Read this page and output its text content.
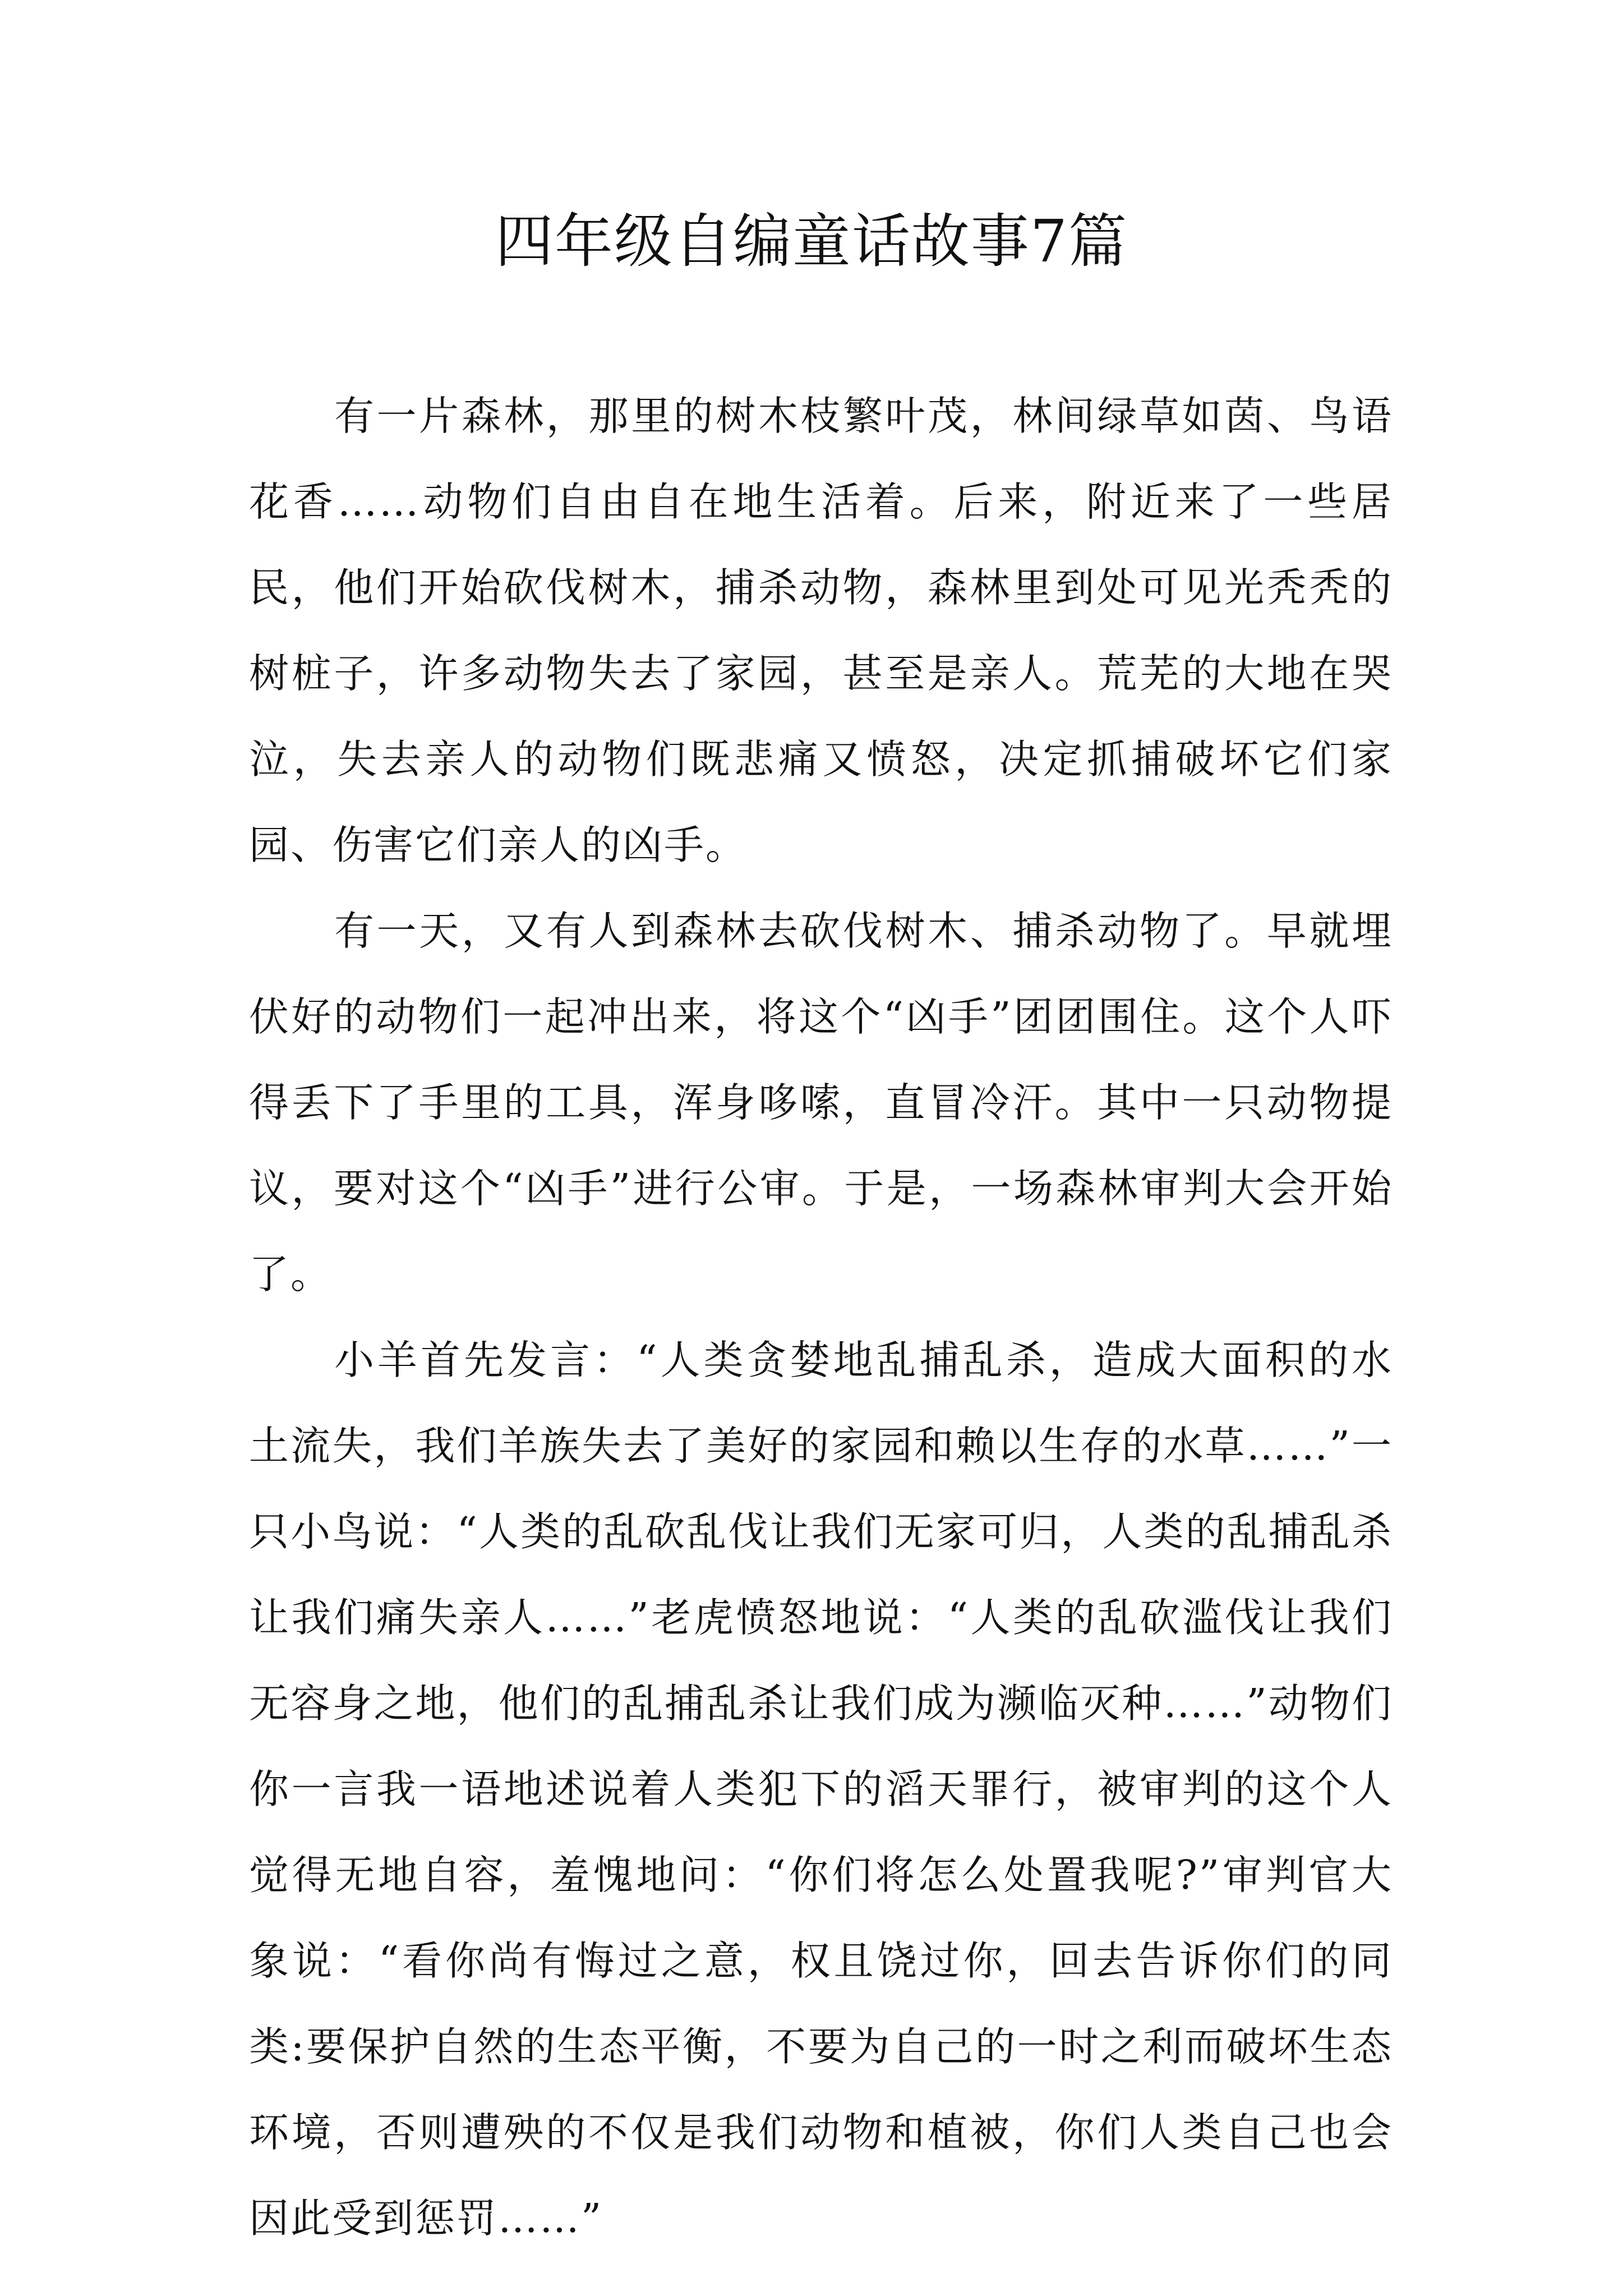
四年级自编童话故事7篇

有一片森林，那里的树木枝繁叶茂，林间绿草如茵、鸟语花香……动物们自由自在地生活着。后来，附近来了一些居民，他们开始砍伐树木，捕杀动物，森林里到处可见光秃秃的树桩子，许多动物失去了家园，甚至是亲人。荒芜的大地在哭泣，失去亲人的动物们既悲痛又愤怒，决定抓捕破坏它们家园、伤害它们亲人的凶手。

有一天，又有人到森林去砍伐树木、捕杀动物了。早就埋伏好的动物们一起冲出来，将这个“凶手”团团围住。这个人吓得丢下了手里的工具，浑身哆嗦，直冒冷汗。其中一只动物提议，要对这个“凶手”进行公审。于是，一场森林审判大会开始了。

小羊首先发言：“人类贪婪地乱捕乱杀，造成大面积的水土流失，我们羊族失去了美好的家园和赖以生存的水草……”一只小鸟说：“人类的乱砍乱伐让我们无家可归，人类的乱捕乱杀让我们痛失亲人……”老虎愤怒地说：“人类的乱砍滥伐让我们无容身之地，他们的乱捕乱杀让我们成为濒临灭种……”动物们你一言我一语地述说着人类犯下的滔天罪行，被审判的这个人觉得无地自容，羞愧地问：“你们将怎么处置我呢?”审判官大象说：“看你尚有悔过之意，权且饶过你，回去告诉你们的同类:要保护自然的生态平衡，不要为自己的一时之利而破坏生态环境，否则遭殃的不仅是我们动物和植被，你们人类自己也会因此受到惩罚……”
